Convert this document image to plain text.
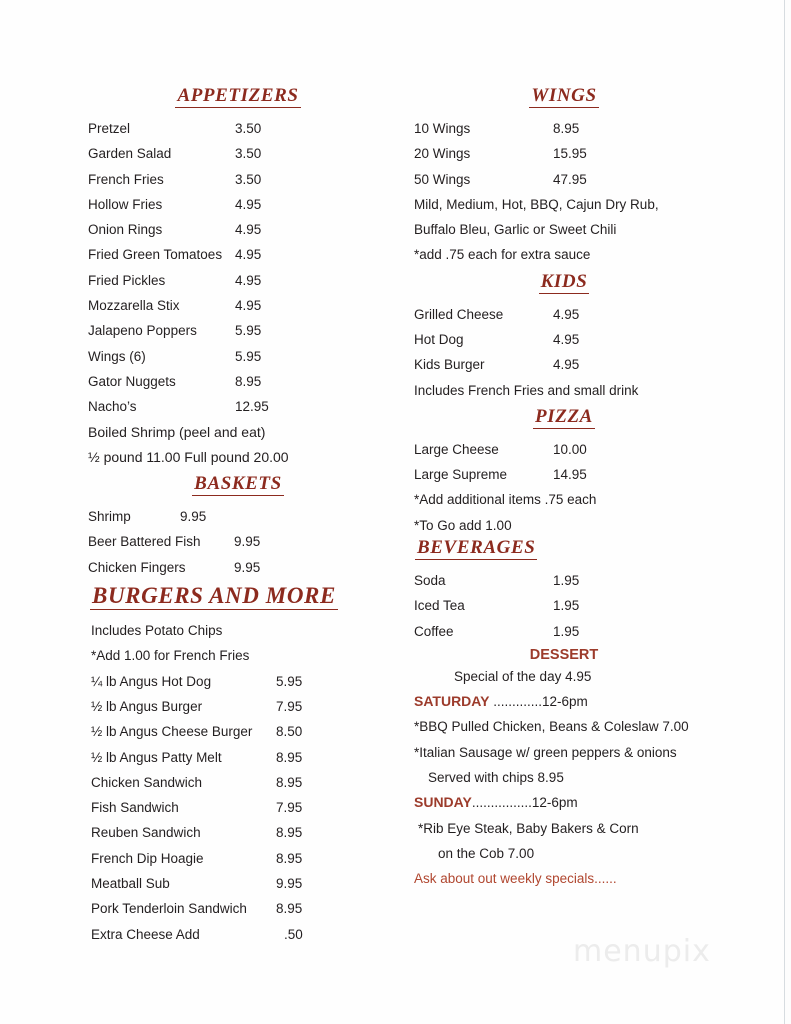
APPETIZERS
Pretzel	3.50
Garden Salad	3.50
French Fries	3.50
Hollow Fries	4.95
Onion Rings	4.95
Fried Green Tomatoes 4.95
Fried Pickles	4.95
Mozzarella Stix	4.95
Jalapeno Poppers	5.95
Wings (6)	5.95
Gator Nuggets	8.95
Nacho’s	12.95
Boiled Shrimp (peel and eat)
½ pound 11.00 Full pound 20.00
BASKETS
Shrimp	9.95
Beer Battered Fish	9.95
Chicken Fingers	9.95
BURGERS AND MORE
Includes Potato Chips
*Add 1.00 for French Fries
¼ lb Angus Hot Dog	5.95
½ lb Angus Burger	7.95
½ lb Angus Cheese Burger	8.50
½ lb Angus Patty Melt	8.95
Chicken Sandwich	8.95
Fish Sandwich	7.95
Reuben Sandwich	8.95
French Dip Hoagie	8.95
Meatball Sub	9.95
Pork Tenderloin Sandwich	8.95
Extra Cheese Add	.50
WINGS
10 Wings	8.95
20 Wings	15.95
50 Wings	47.95
Mild, Medium, Hot, BBQ, Cajun Dry Rub,
Buffalo Bleu, Garlic or Sweet Chili
*add .75 each for extra sauce
KIDS
Grilled Cheese	4.95
Hot Dog	4.95
Kids Burger	4.95
Includes French Fries and small drink
PIZZA
Large Cheese	10.00
Large Supreme	14.95
*Add additional items .75 each
*To Go add 1.00
BEVERAGES
Soda	1.95
Iced Tea	1.95
Coffee	1.95
DESSERT
Special of the day 4.95
SATURDAY .............12-6pm
*BBQ Pulled Chicken, Beans & Coleslaw 7.00
*Italian Sausage w/ green peppers & onions
Served with chips 8.95
SUNDAY................12-6pm
*Rib Eye Steak, Baby Bakers & Corn
on the Cob 7.00
Ask about out weekly specials......
menupix
